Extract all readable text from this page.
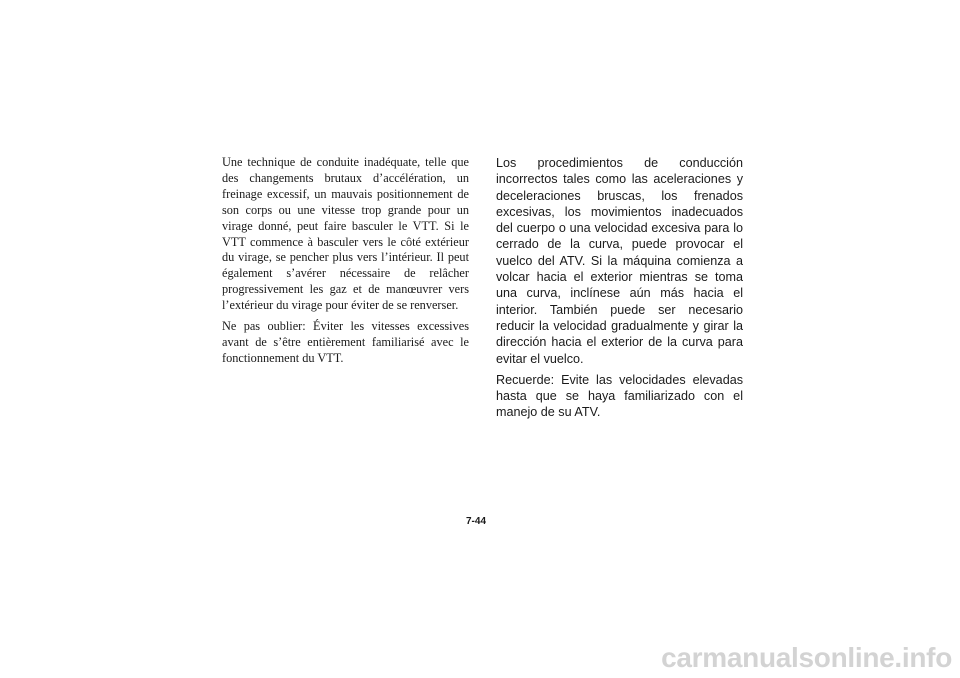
Une technique de conduite inadéquate, telle que des changements brutaux d’accélération, un freinage excessif, un mauvais positionnement de son corps ou une vitesse trop grande pour un virage donné, peut faire basculer le VTT. Si le VTT commence à basculer vers le côté extérieur du virage, se pencher plus vers l’intérieur. Il peut également s’avérer nécessaire de relâcher progressivement les gaz et de manœuvrer vers l’extérieur du virage pour éviter de se renverser.

Ne pas oublier: Éviter les vitesses excessives avant de s’être entièrement familiarisé avec le fonctionnement du VTT.

Los procedimientos de conducción incorrectos tales como las aceleraciones y deceleraciones bruscas, los frenados excesivas, los movimientos inadecuados del cuerpo o una velocidad excesiva para lo cerrado de la curva, puede provocar el vuelco del ATV. Si la máquina comienza a volcar hacia el exterior mientras se toma una curva, inclínese aún más hacia el interior. También puede ser necesario reducir la velocidad gradualmente y girar la dirección hacia el exterior de la curva para evitar el vuelco.

Recuerde: Evite las velocidades elevadas hasta que se haya familiarizado con el manejo de su ATV.

7-44
carmanualsonline.info
